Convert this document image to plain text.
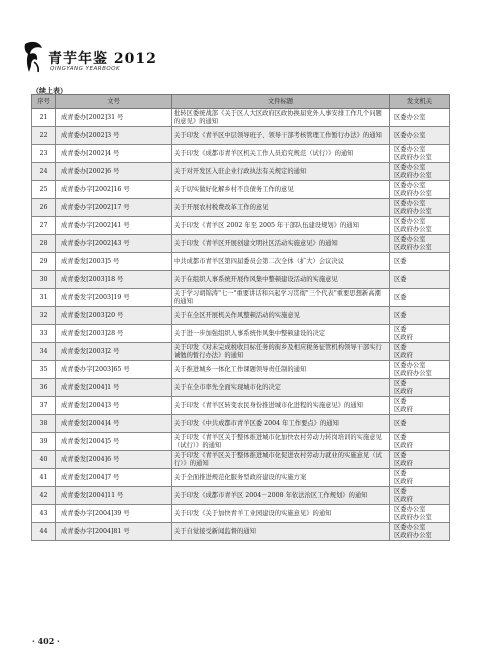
青芋年鉴 2012
QINGYANG YEARBOOK
（续上表）
序号	文号	文件标题	发文机关
21	成青委办[2002]31 号	批转区委统战部《关于区人大区政府区政协换届党外人事安排工作几个问题的意见》的通知	区委办公室
22	成青委办[2002]3 号	关于印发《青羊区中层领导班子、领导干部考核管理工作暂行办法》的通知	区委办公室
23	成青委办[2002]4 号	关于印发《成都市青羊区机关工作人员追究规范（试行）》的通知	区委办公室
区政府办公室
24	成青委办[2002]6 号	关于对开发区入驻企业行政执法有关规定的通知	区委办公室
区政府办公室
25	成青委办字[2002]16 号	关于切实做好化解乡村不良债务工作的意见	区委办公室
区政府办公室
26	成青委办字[2002]17 号	关于开展农村税费改革工作的意见	区委办公室
区政府办公室
27	成青委办字[2002]41 号	关于印发《青羊区 2002 年至 2005 年干部队伍建设规划》的通知	区委办公室
区政府办公室
28	成青委办字[2002]43 号	关于印发《青羊区开展创建文明社区活动实施意见》的通知	区委办公室
区政府办公室
29	成青委发[2003]5 号	中共成都市青羊区第四届委员会第二次全体（扩大）会议决议	区委
30	成青委发[2003]18 号	关于在组织人事系统开展作风集中整顿建设活动的实施意见	区委
31	成青委发字[2003]19 号	关于学习胡锦涛"七一"重要讲话和兴起学习贯彻"三个代表"重要思想新高潮的通知	区委
32	成青委发[2003]20 号	关于在全区开展机关作风整顿活动的实施意见	区委
33	成青委发[2003]28 号	关于进一步加强组织人事系统作风集中整顿建设的决定	区委
区政府
34	成青委发[2003]2 号	关于印发《对未完成税收目标任务的街乡及相应税务征管机构领导干部实行诫勉的暂行办法》的通知	区委
区政府
35	成青委办字[2003]65 号	关于推进城乡一体化工作课题领导责任制的通知	区委办公室
区政府办公室
36	成青委发[2004]1 号	关于在全市率先全面实现城市化的决定	区委
区政府
37	成青委发[2004]3 号	关于印发《青羊区转变农民身份推进城市化进程的实施意见》的通知	区委
区政府
38	成青委发[2004]4 号	关于印发《中共成都市青羊区委 2004 年工作要点》的通知	区委
39	成青委发[2004]5 号	关于印发《青羊区关于整体推进城市化加快农村劳动力转岗培训的实施意见（试行）》的通知	区委
区政府
40	成青委发[2004]6 号	关于印发《青羊区关于整体推进城市化促进农村劳动力就业的实施意见（试行）》的通知	区委
区政府
41	成青委发[2004]7 号	关于全面推进规范化服务型政府建设的实施方案	区委
区政府
42	成青委发[2004]11 号	关于印发《成都市青羊区 2004－2008 年依法治区工作规划》的通知	区委
区政府
43	成青委办字[2004]39 号	关于印发《关于加快青羊工业园建设的实施意见》的通知	区委办公室
区政府办公室
44	成青委办字[2004]81 号	关于自觉接受新闻监督的通知	区委办公室
区政府办公室
· 402 ·
